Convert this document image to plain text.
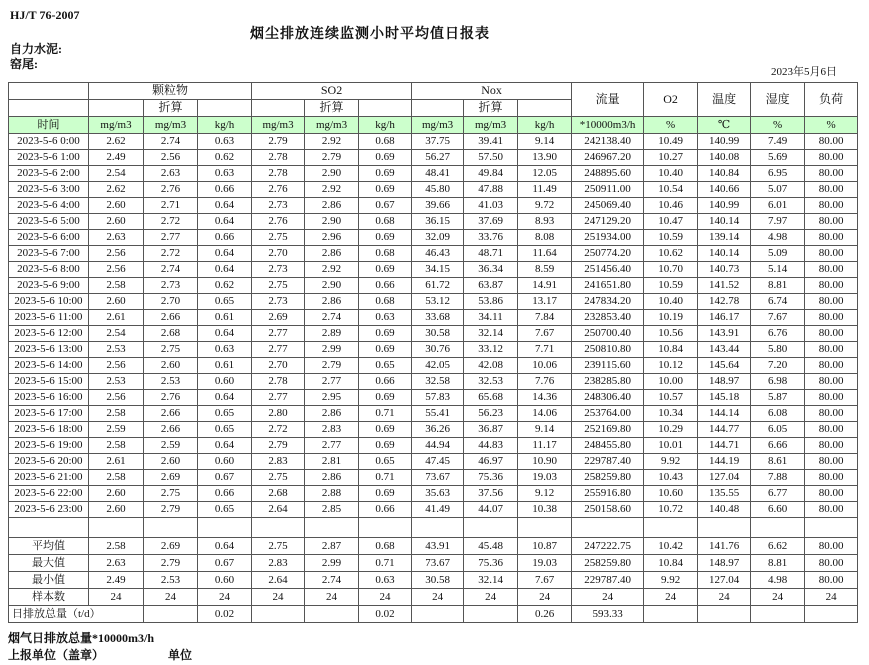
HJ/T 76-2007
烟尘排放连续监测小时平均值日报表
自力水泥:
窑尾:
2023年5月6日
	颗粒物			SO2			Nox			流量	O2	温度	湿度	负荷
		折算			折算			折算						
时间	mg/m3	mg/m3	kg/h	mg/m3	mg/m3	kg/h	mg/m3	mg/m3	kg/h	*10000m3/h	%	℃	%	%
2023-5-6 0:00	2.62	2.74	0.63	2.79	2.92	0.68	37.75	39.41	9.14	242138.40	10.49	140.99	7.49	80.00
2023-5-6 1:00	2.49	2.56	0.62	2.78	2.79	0.69	56.27	57.50	13.90	246967.20	10.27	140.08	5.69	80.00
2023-5-6 2:00	2.54	2.63	0.63	2.78	2.90	0.69	48.41	49.84	12.05	248895.60	10.40	140.84	6.95	80.00
2023-5-6 3:00	2.62	2.76	0.66	2.76	2.92	0.69	45.80	47.88	11.49	250911.00	10.54	140.66	5.07	80.00
2023-5-6 4:00	2.60	2.71	0.64	2.73	2.86	0.67	39.66	41.03	9.72	245069.40	10.46	140.99	6.01	80.00
2023-5-6 5:00	2.60	2.72	0.64	2.76	2.90	0.68	36.15	37.69	8.93	247129.20	10.47	140.14	7.97	80.00
2023-5-6 6:00	2.63	2.77	0.66	2.75	2.96	0.69	32.09	33.76	8.08	251934.00	10.59	139.14	4.98	80.00
2023-5-6 7:00	2.56	2.72	0.64	2.70	2.86	0.68	46.43	48.71	11.64	250774.20	10.62	140.14	5.09	80.00
2023-5-6 8:00	2.56	2.74	0.64	2.73	2.92	0.69	34.15	36.34	8.59	251456.40	10.70	140.73	5.14	80.00
2023-5-6 9:00	2.58	2.73	0.62	2.75	2.90	0.66	61.72	63.87	14.91	241651.80	10.59	141.52	8.81	80.00
2023-5-6 10:00	2.60	2.70	0.65	2.73	2.86	0.68	53.12	53.86	13.17	247834.20	10.40	142.78	6.74	80.00
2023-5-6 11:00	2.61	2.66	0.61	2.69	2.74	0.63	33.68	34.11	7.84	232853.40	10.19	146.17	7.67	80.00
2023-5-6 12:00	2.54	2.68	0.64	2.77	2.89	0.69	30.58	32.14	7.67	250700.40	10.56	143.91	6.76	80.00
2023-5-6 13:00	2.53	2.75	0.63	2.77	2.99	0.69	30.76	33.12	7.71	250810.80	10.84	143.44	5.80	80.00
2023-5-6 14:00	2.56	2.60	0.61	2.70	2.79	0.65	42.05	42.08	10.06	239115.60	10.12	145.64	7.20	80.00
2023-5-6 15:00	2.53	2.53	0.60	2.78	2.77	0.66	32.58	32.53	7.76	238285.80	10.00	148.97	6.98	80.00
2023-5-6 16:00	2.56	2.76	0.64	2.77	2.95	0.69	57.83	65.68	14.36	248306.40	10.57	145.18	5.87	80.00
2023-5-6 17:00	2.58	2.66	0.65	2.80	2.86	0.71	55.41	56.23	14.06	253764.00	10.34	144.14	6.08	80.00
2023-5-6 18:00	2.59	2.66	0.65	2.72	2.83	0.69	36.26	36.87	9.14	252169.80	10.29	144.77	6.05	80.00
2023-5-6 19:00	2.58	2.59	0.64	2.79	2.77	0.69	44.94	44.83	11.17	248455.80	10.01	144.71	6.66	80.00
2023-5-6 20:00	2.61	2.60	0.60	2.83	2.81	0.65	47.45	46.97	10.90	229787.40	9.92	144.19	8.61	80.00
2023-5-6 21:00	2.58	2.69	0.67	2.75	2.86	0.71	73.67	75.36	19.03	258259.80	10.43	127.04	7.88	80.00
2023-5-6 22:00	2.60	2.75	0.66	2.68	2.88	0.69	35.63	37.56	9.12	255916.80	10.60	135.55	6.77	80.00
2023-5-6 23:00	2.60	2.79	0.65	2.64	2.85	0.66	41.49	44.07	10.38	250158.60	10.72	140.48	6.60	80.00

平均值	2.58	2.69	0.64	2.75	2.87	0.68	43.91	45.48	10.87	247222.75	10.42	141.76	6.62	80.00
最大值	2.63	2.79	0.67	2.83	2.99	0.71	73.67	75.36	19.03	258259.80	10.84	148.97	8.81	80.00
最小值	2.49	2.53	0.60	2.64	2.74	0.63	30.58	32.14	7.67	229787.40	9.92	127.04	4.98	80.00
样本数	24	24	24	24	24	24	24	24	24	24	24	24	24	24
日排放总量（t/d）			0.02			0.02			0.26	593.33				
烟气日排放总量*10000m3/h
上报单位（盖章）	单位
